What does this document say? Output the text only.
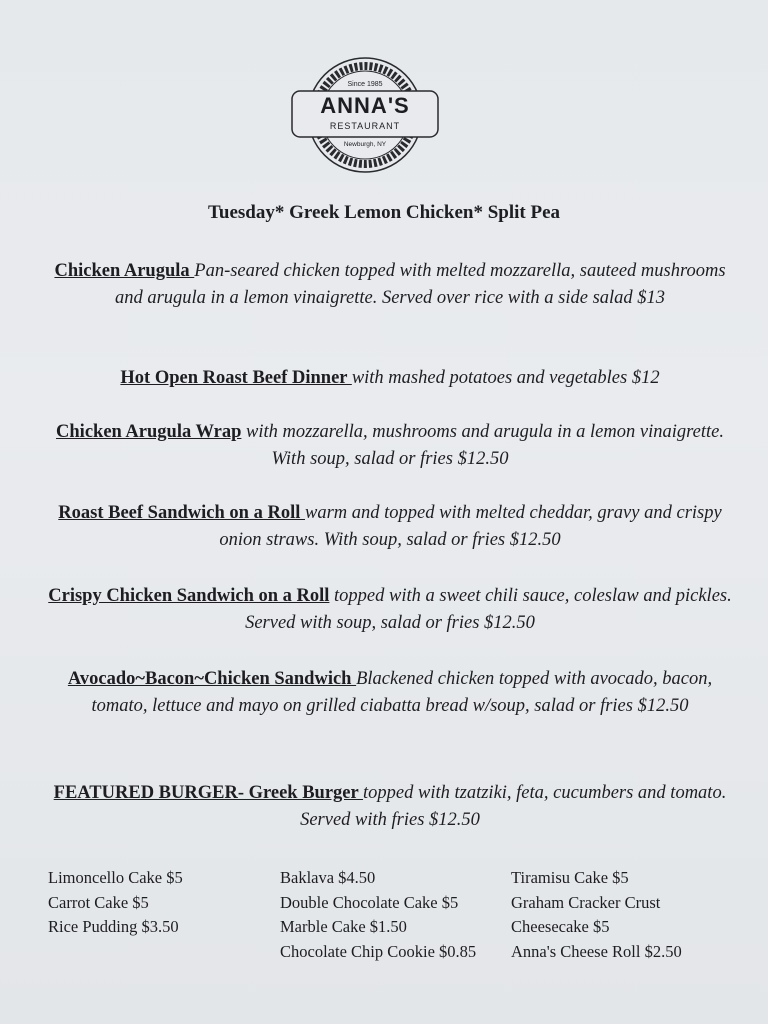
Since 1985
ANNA'S
RESTAURANT
Newburgh, NY
Tuesday* Greek Lemon Chicken* Split Pea
Chicken Arugula Pan-seared chicken topped with melted mozzarella, sauteed mushrooms and arugula in a lemon vinaigrette. Served over rice with a side salad $13
Hot Open Roast Beef Dinner with mashed potatoes and vegetables $12
Chicken Arugula Wrap with mozzarella, mushrooms and arugula in a lemon vinaigrette. With soup, salad or fries $12.50
Roast Beef Sandwich on a Roll warm and topped with melted cheddar, gravy and crispy onion straws. With soup, salad or fries $12.50
Crispy Chicken Sandwich on a Roll topped with a sweet chili sauce, coleslaw and pickles. Served with soup, salad or fries $12.50
Avocado~Bacon~Chicken Sandwich Blackened chicken topped with avocado, bacon, tomato, lettuce and mayo on grilled ciabatta bread w/soup, salad or fries $12.50
FEATURED BURGER- Greek Burger topped with tzatziki, feta, cucumbers and tomato. Served with fries $12.50
Limoncello Cake $5
Carrot Cake $5
Rice Pudding $3.50
Baklava $4.50
Double Chocolate Cake $5
Marble Cake $1.50
Chocolate Chip Cookie $0.85
Tiramisu Cake $5
Graham Cracker Crust
Cheesecake $5
Anna's Cheese Roll $2.50
